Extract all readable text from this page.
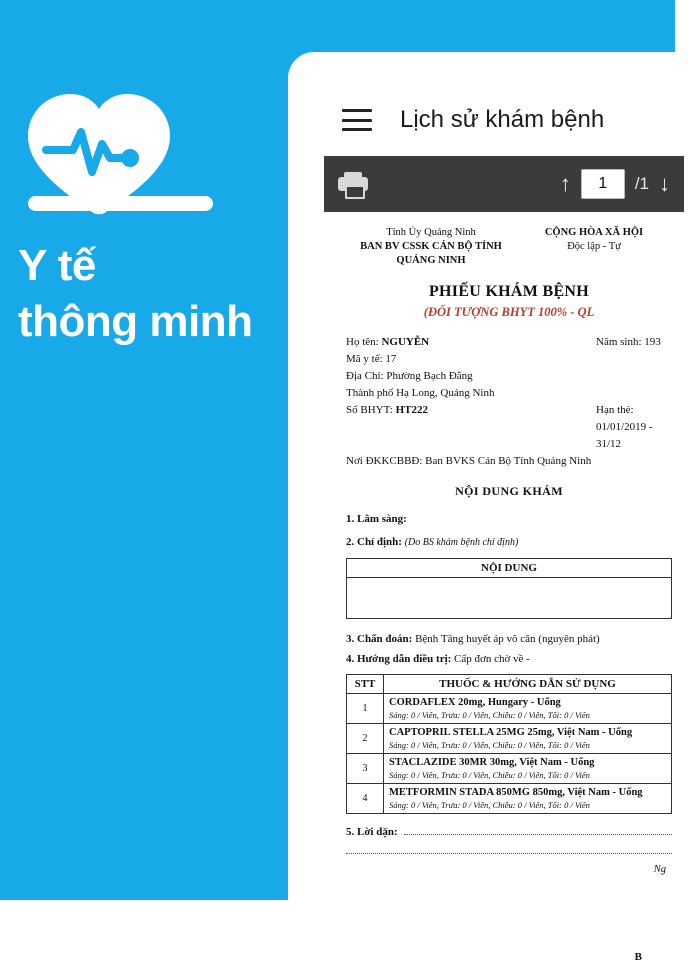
Y tế
thông minh
Lịch sử khám bệnh
↑
1	/1 ↓
Tỉnh Ủy Quảng Ninh
BAN BV CSSK CÁN BỘ TỈNH QUẢNG NINH
CỘNG HÒA XÃ HỘI
Độc lập - Tự
PHIẾU KHÁM BỆNH
(ĐỐI TƯỢNG BHYT 100% - QL
Họ tên: NGUYỄN	Năm sinh: 193
Mã y tế: 17
Địa Chỉ: Phường Bạch Đằng
Thành phố Hạ Long, Quảng Ninh
Số BHYT: HT222	Hạn thẻ: 01/01/2019 - 31/12
Nơi ĐKKCBBĐ: Ban BVKS Cán Bộ Tỉnh Quảng Ninh
NỘI DUNG KHÁM
1. Lâm sàng:
2. Chỉ định: (Do BS khám bệnh chỉ định)
NỘI DUNG

3. Chẩn đoán: Bệnh Tăng huyết áp vô căn (nguyên phát)
4. Hướng dẫn điều trị: Cấp đơn chờ về -
STT	THUỐC & HƯỚNG DẪN SỬ DỤNG
1	CORDAFLEX 20mg, Hungary - Uống
Sáng: 0 / Viên, Trưa: 0 / Viên, Chiều: 0 / Viên, Tối: 0 / Viên

2	CAPTOPRIL STELLA 25MG 25mg, Việt Nam - Uống
Sáng: 0 / Viên, Trưa: 0 / Viên, Chiều: 0 / Viên, Tối: 0 / Viên

3	STACLAZIDE 30MR 30mg, Việt Nam - Uống
Sáng: 0 / Viên, Trưa: 0 / Viên, Chiều: 0 / Viên, Tối: 0 / Viên

4	METFORMIN STADA 850MG 850mg, Việt Nam - Uống
Sáng: 0 / Viên, Trưa: 0 / Viên, Chiều: 0 / Viên, Tối: 0 / Viên
5. Lời dặn:
Ng
B
